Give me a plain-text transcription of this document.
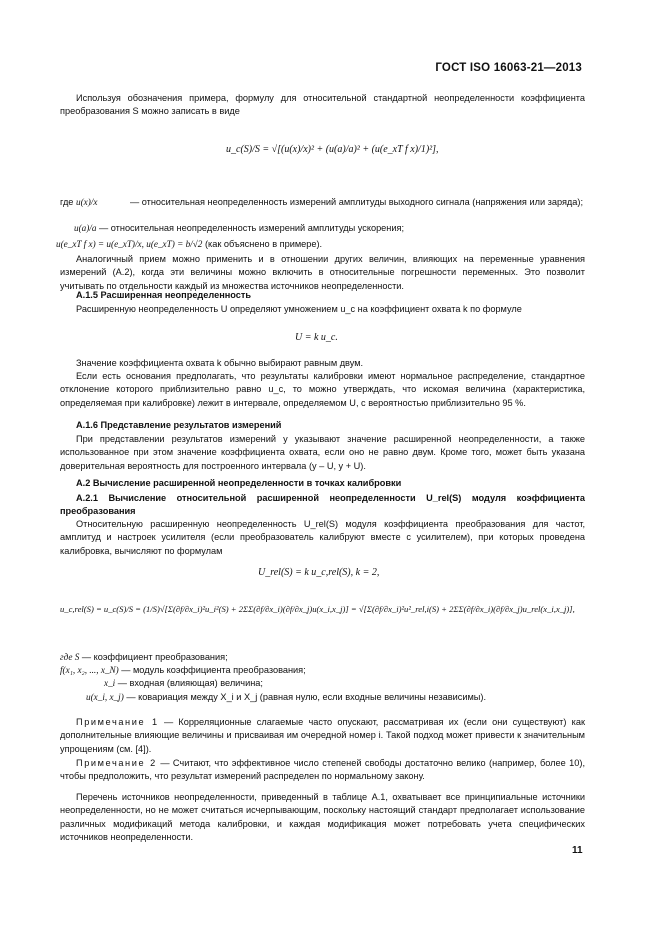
ГОСТ ISO 16063-21—2013
Используя обозначения примера, формулу для относительной стандартной неопределенности коэффициента преобразования S можно записать в виде
u_c(S)/S = √[(u(x)/x)² + (u(a)/a)² + (u(e_xT f x)/1)²],
где u(x)/x	— относительная неопределенность измерений амплитуды выходного сигнала (напряжения или заряда);
u(a)/a — относительная неопределенность измерений амплитуды ускорения;
u(e_xT f x) = u(e_xT)/x, u(e_xT) = b/√2 (как объяснено в примере).
Аналогичный прием можно применить и в отношении других величин, влияющих на переменные уравнения измерений (А.2), когда эти величины можно включить в относительные погрешности переменных. Это позволит учитывать по отдельности каждый из множества источников неопределенности.
А.1.5 Расширенная неопределенность
Расширенную неопределенность U определяют умножением u_c на коэффициент охвата k по формуле
U = k u_c.
Значение коэффициента охвата k обычно выбирают равным двум.
Если есть основания предполагать, что результаты калибровки имеют нормальное распределение, стандартное отклонение которого приблизительно равно u_c, то можно утверждать, что искомая величина (характеристика, определяемая при калибровке) лежит в интервале, определяемом U, с вероятностью приблизительно 95 %.
А.1.6 Представление результатов измерений
При представлении результатов измерений y указывают значение расширенной неопределенности, а также использованное при этом значение коэффициента охвата, если оно не равно двум. Кроме того, может быть указана доверительная вероятность для построенного интервала (y – U, y + U).
А.2 Вычисление расширенной неопределенности в точках калибровки
А.2.1 Вычисление относительной расширенной неопределенности U_rel(S) модуля коэффициента преобразования
Относительную расширенную неопределенность U_rel(S) модуля коэффициента преобразования для частот, амплитуд и настроек усилителя (если преобразователь калибруют вместе с усилителем), при которых проведена калибровка, вычисляют по формулам
U_rel(S) = k u_c,rel(S), k = 2,
u_c,rel(S) = u_c(S)/S = (1/S)√[Σ(∂f/∂x_i)²u_i²(S) + 2ΣΣ(∂f/∂x_i)(∂f/∂x_j)u(x_i,x_j)] = √[Σ(∂f/∂x_i)²u²_rel,i(S) + 2ΣΣ(∂f/∂x_i)(∂f/∂x_j)u_rel(x_i,x_j)],
где S — коэффициент преобразования;
f(x₁, x₂, ..., x_N) — модуль коэффициента преобразования;
x_i — входная (влияющая) величина;
u(x_i, x_j) — ковариация между X_i и X_j (равная нулю, если входные величины независимы).
Примечание 1 — Корреляционные слагаемые часто опускают, рассматривая их (если они существуют) как дополнительные влияющие величины и присваивая им очередной номер i. Такой подход может привести к значительным упрощениям (см. [4]).
Примечание 2 — Считают, что эффективное число степеней свободы достаточно велико (например, более 10), чтобы предположить, что результат измерений распределен по нормальному закону.
Перечень источников неопределенности, приведенный в таблице А.1, охватывает все принципиальные источники неопределенности, но не может считаться исчерпывающим, поскольку настоящий стандарт предполагает использование различных модификаций метода калибровки, и каждая модификация может потребовать учета специфических источников неопределенности.
11
